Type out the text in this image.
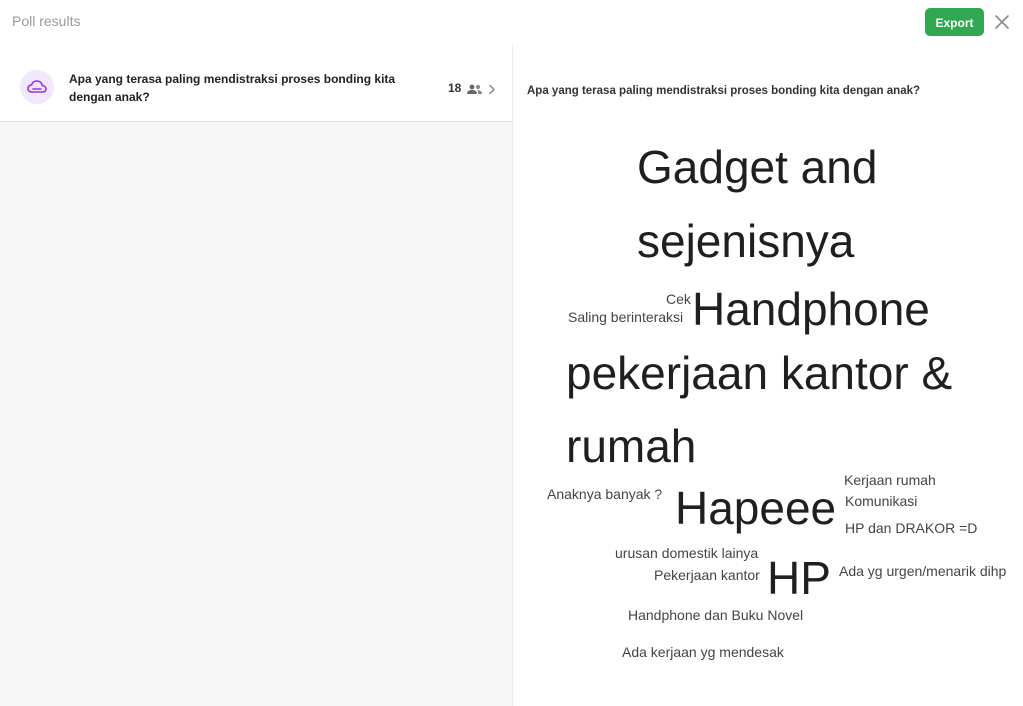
Poll results	Export
Apa yang terasa paling mendistraksi proses bonding kita dengan anak?
18	Apa yang terasa paling mendistraksi proses bonding kita dengan anak?
Gadget and
sejenisnya
Cek
Saling berinteraksi Handphone
pekerjaan kantor &
rumah
Kerjaan rumah
Anaknya banyak ? Hapeee Komunikasi
HP dan DRAKOR =D
urusan domestik lainya
Pekerjaan kantor HP Ada yg urgen/menarik dihp
Handphone dan Buku Novel
Ada kerjaan yg mendesak
